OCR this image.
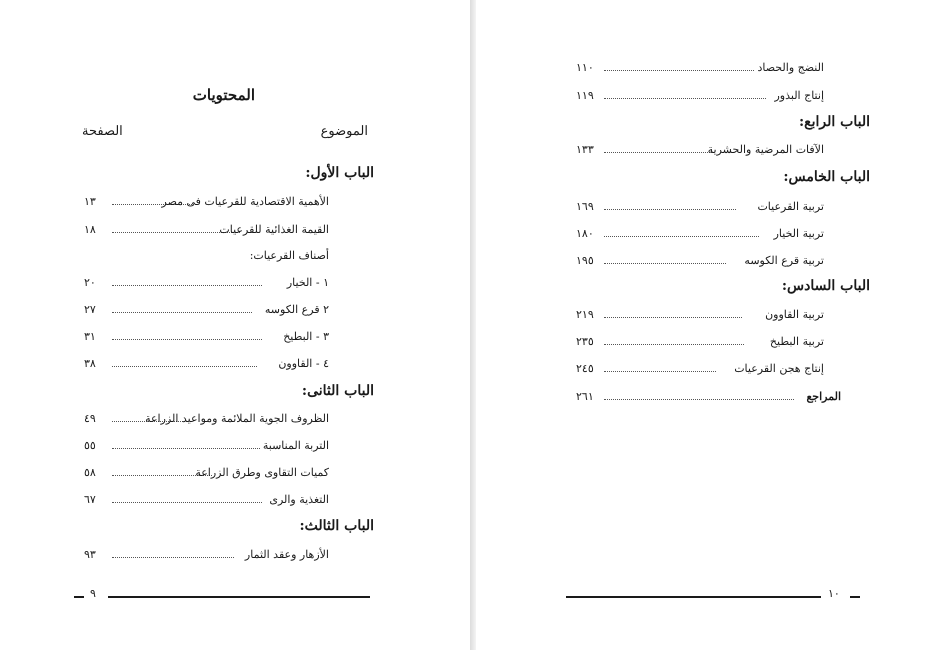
المحتويات
الموضوع
الصفحة
الباب الأول:
١٣	الأهمية الاقتصادية للقرعيات فى مصر
١٨	القيمة الغذائية للقرعيات
أصناف القرعيات:
٢٠	١ - الخيار
٢٧	٢ قرع الكوسه
٣١	٣ - البطيخ
٣٨	٤ - القاوون
الباب الثانى:
٤٩	الظروف الجوية الملائمة ومواعيد الزراعة
٥٥	التربة المناسبة
٥٨	كميات التقاوى وطرق الزراعة
٦٧	التغذية والرى
الباب الثالث:
٩٣	الأزهار وعقد الثمار
٩
١١٠	النضج والحصاد
١١٩	إنتاج البذور
الباب الرابع:
١٣٣	الآفات المرضية والحشرية
الباب الخامس:
١٦٩	تربية القرعيات
١٨٠	تربية الخيار
١٩٥	تربية قرع الكوسه
الباب السادس:
٢١٩	تربية القاوون
٢٣٥	تربية البطيخ
٢٤٥	إنتاج هجن القرعيات
٢٦١	المراجع
١٠
